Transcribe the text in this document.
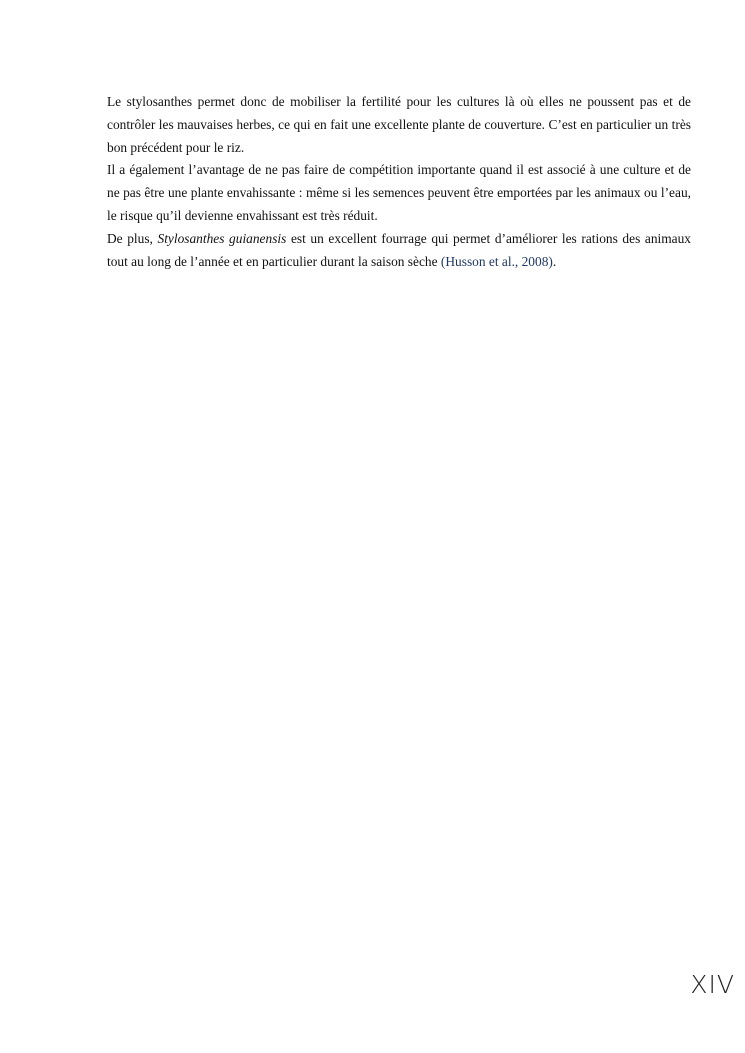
Le stylosanthes permet donc de mobiliser la fertilité pour les cultures là où elles ne poussent pas et de contrôler les mauvaises herbes, ce qui en fait une excellente plante de couverture. C’est en particulier un très bon précédent pour le riz.

Il a également l’avantage de ne pas faire de compétition importante quand il est associé à une culture et de ne pas être une plante envahissante : même si les semences peuvent être emportées par les animaux ou l’eau, le risque qu’il devienne envahissant est très réduit.

De plus, Stylosanthes guianensis est un excellent fourrage qui permet d’améliorer les rations des animaux tout au long de l’année et en particulier durant la saison sèche (Husson et al., 2008).

XIV
